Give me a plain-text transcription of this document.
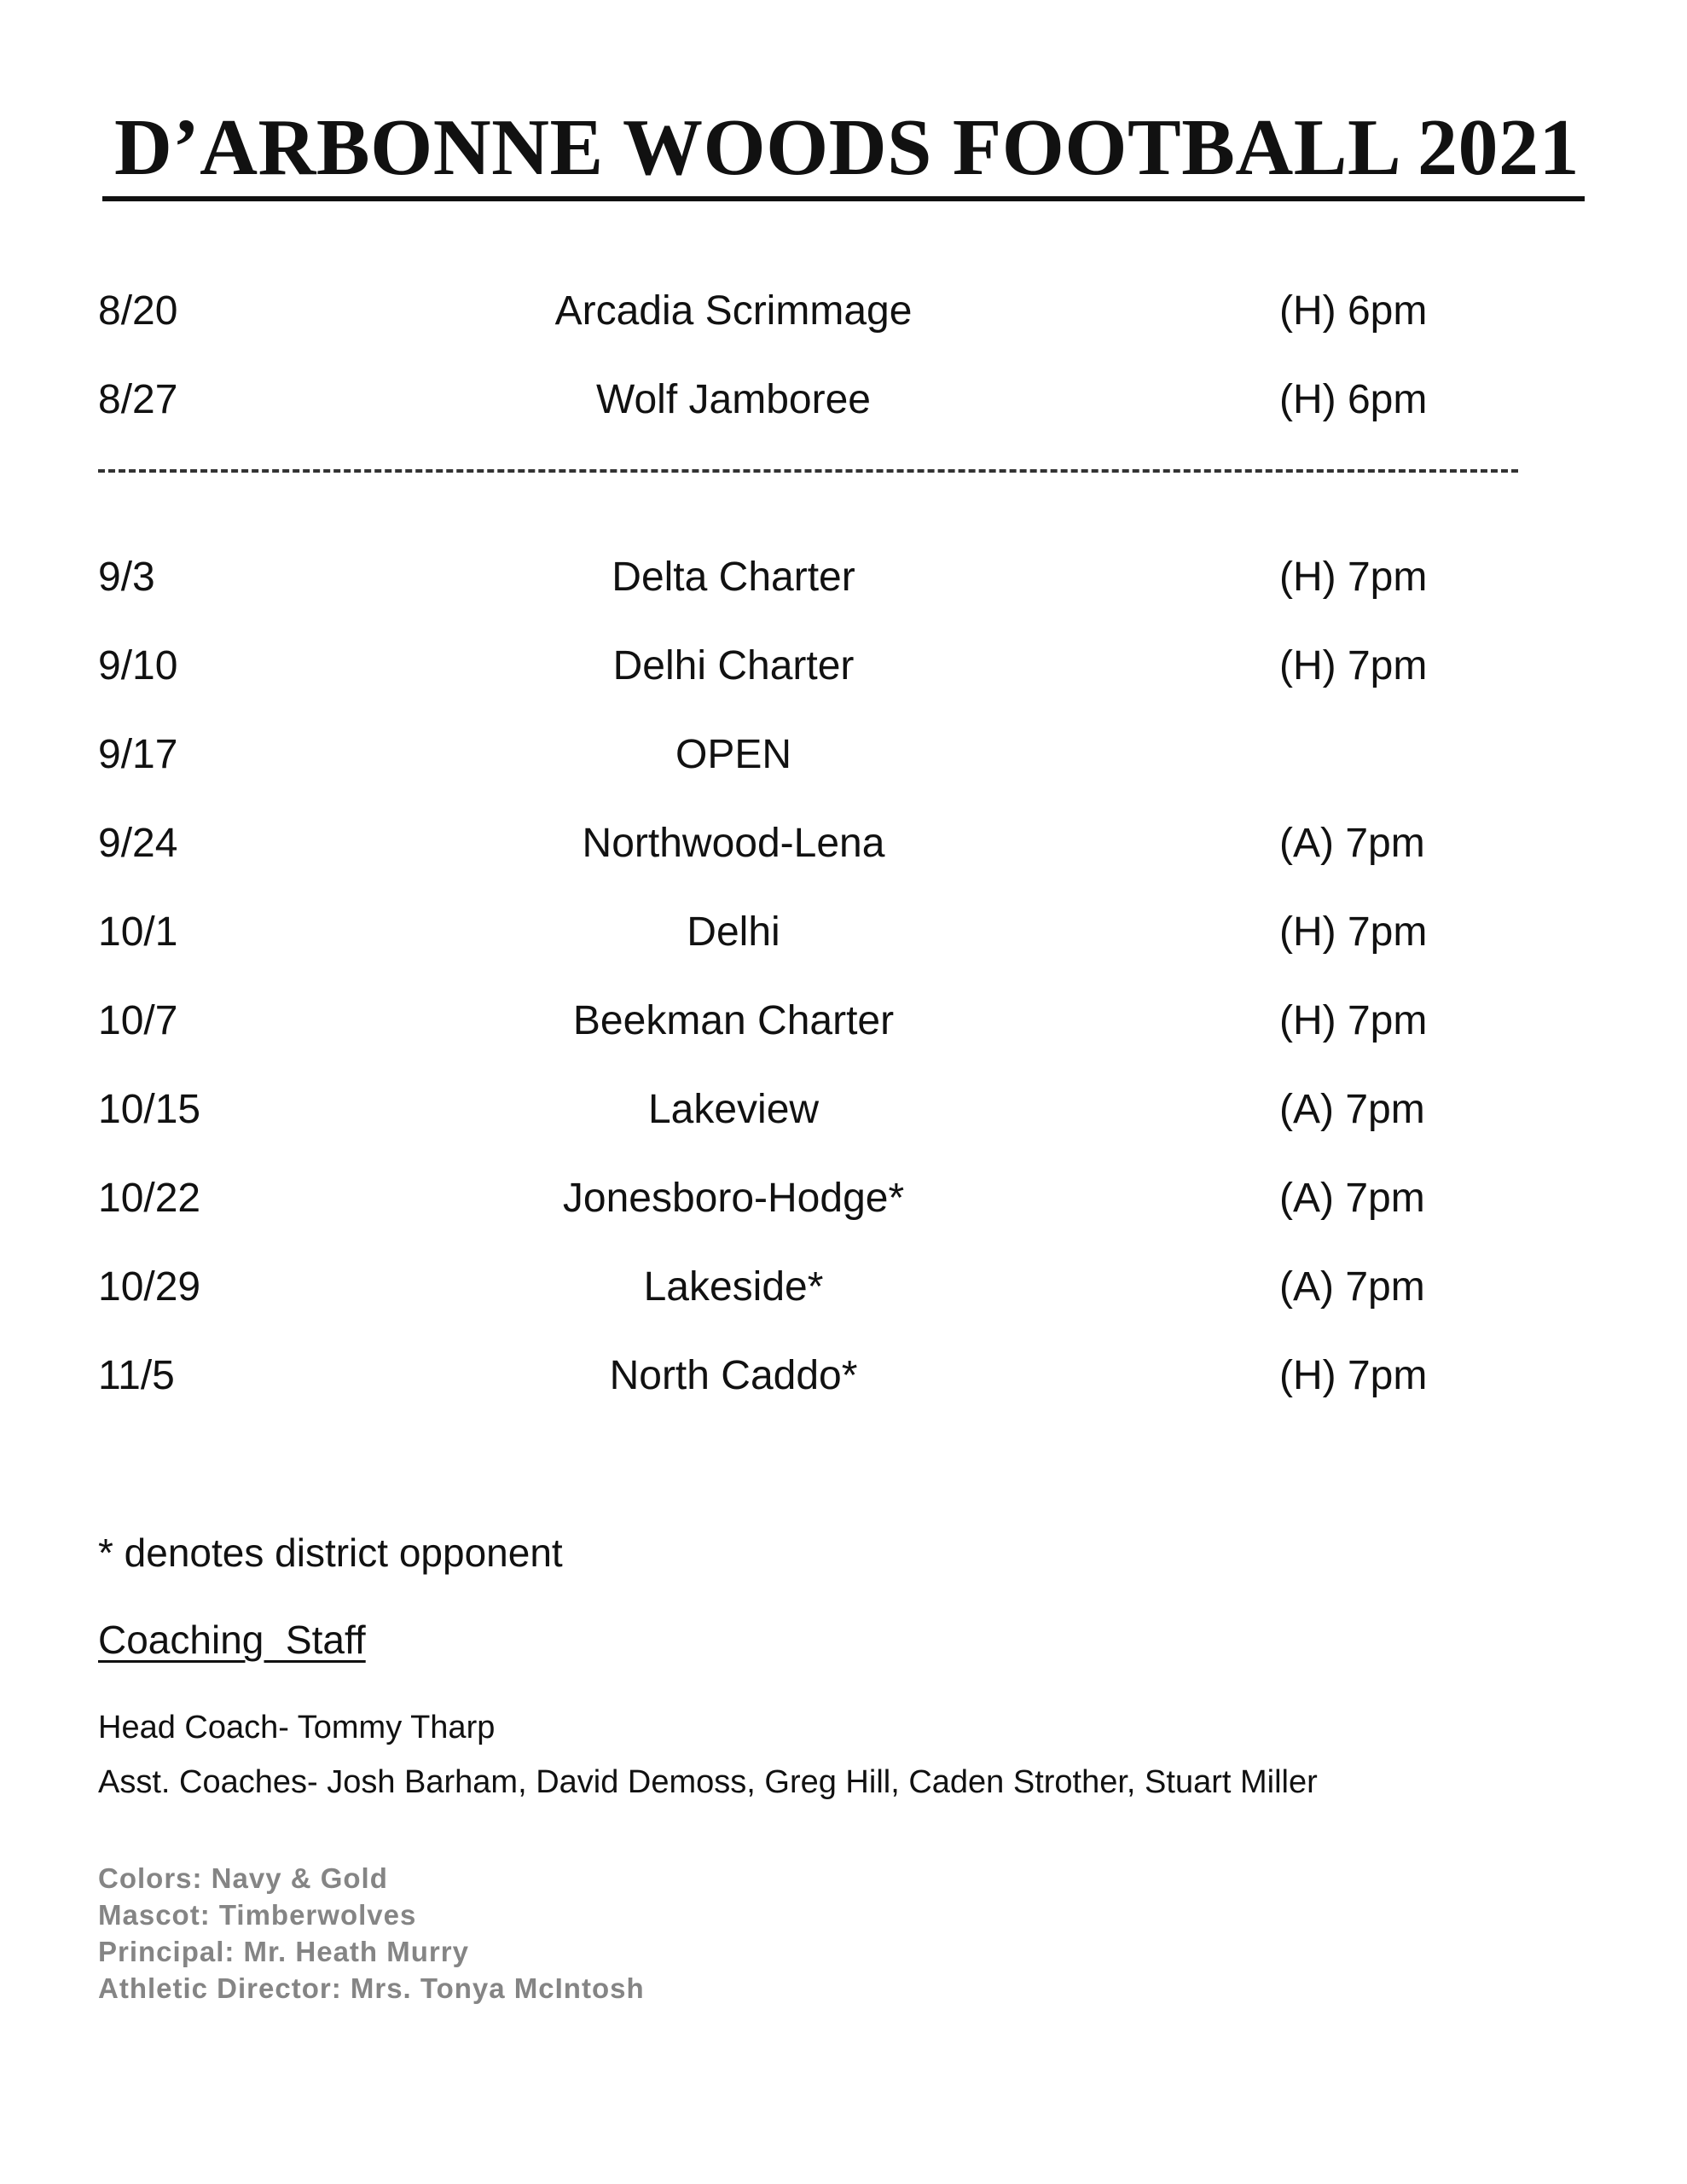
D’ARBONNE WOODS FOOTBALL 2021
8/20	Arcadia Scrimmage	(H) 6pm
8/27	Wolf Jamboree	(H) 6pm
9/3	Delta Charter	(H) 7pm
9/10	Delhi Charter	(H) 7pm
9/17	OPEN
9/24	Northwood-Lena	(A) 7pm
10/1	Delhi	(H) 7pm
10/7	Beekman Charter	(H) 7pm
10/15	Lakeview	(A) 7pm
10/22	Jonesboro-Hodge*	(A) 7pm
10/29	Lakeside*	(A) 7pm
11/5	North Caddo*	(H) 7pm
* denotes district opponent
Coaching  Staff
Head Coach- Tommy Tharp
Asst. Coaches- Josh Barham, David Demoss, Greg Hill, Caden Strother, Stuart Miller
Colors: Navy & Gold
Mascot: Timberwolves
Principal: Mr. Heath Murry
Athletic Director: Mrs. Tonya McIntosh
